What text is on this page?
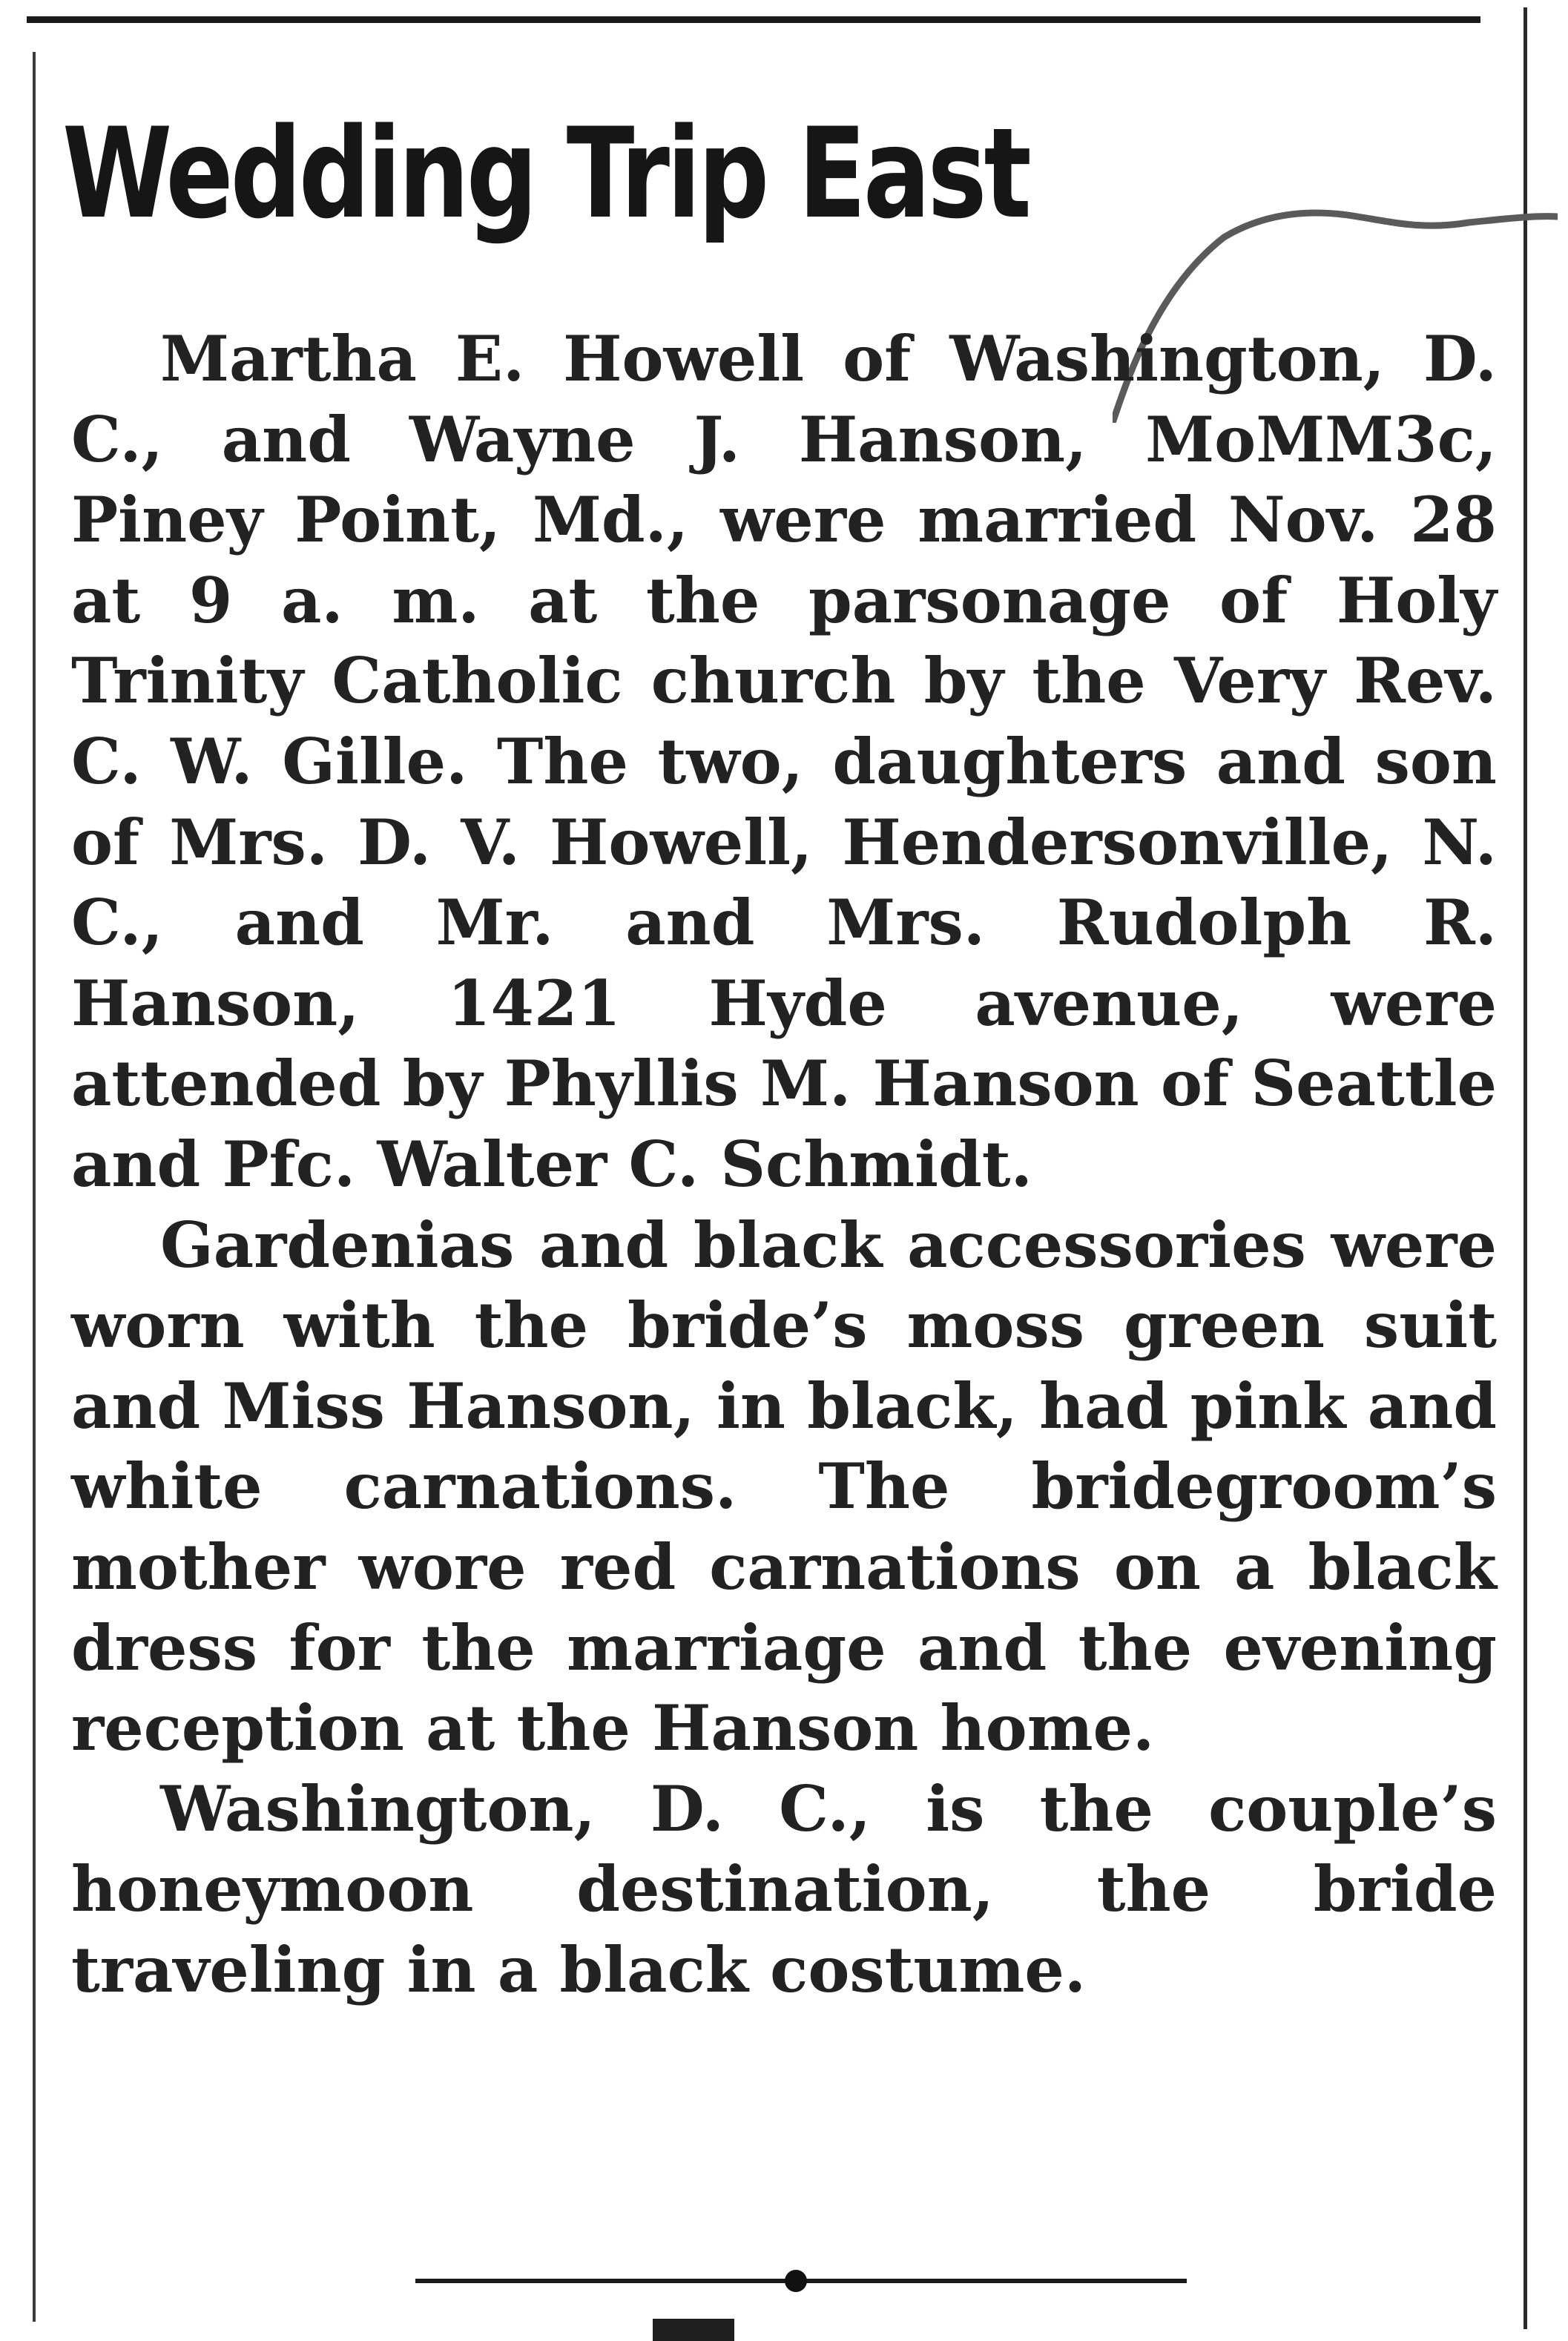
Wedding Trip East

Martha E. Howell of Washington, D. C., and Wayne J. Hanson, MoMM3c, Piney Point, Md., were married Nov. 28 at 9 a. m. at the parsonage of Holy Trinity Catholic church by the Very Rev. C. W. Gille. The two, daughters and son of Mrs. D. V. Howell, Hendersonville, N. C., and Mr. and Mrs. Rudolph R. Hanson, 1421 Hyde avenue, were attended by Phyllis M. Hanson of Seattle and Pfc. Walter C. Schmidt.

Gardenias and black accessories were worn with the bride’s moss green suit and Miss Hanson, in black, had pink and white carnations. The bridegroom’s mother wore red carnations on a black dress for the marriage and the evening reception at the Hanson home.

Washington, D. C., is the couple’s honeymoon destination, the bride traveling in a black costume.
